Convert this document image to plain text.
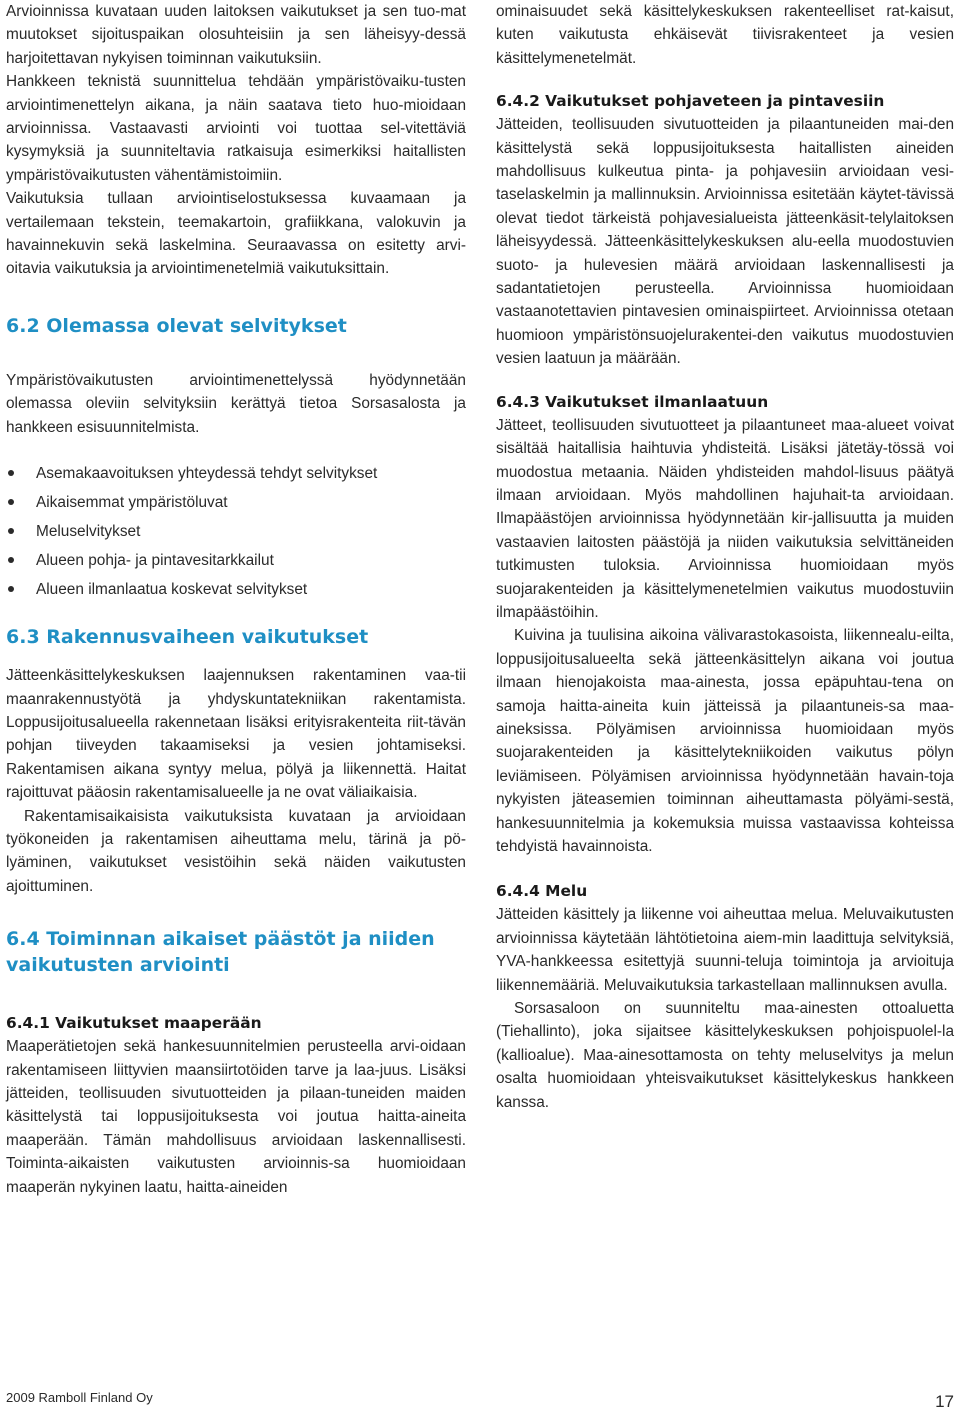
Arvioinnissa kuvataan uuden laitoksen vaikutukset ja sen tuo-mat muutokset sijoituspaikan olosuhteisiin ja sen läheisyy-dessä harjoitettavan nykyisen toiminnan vaikutuksiin.

Hankkeen teknistä suunnittelua tehdään ympäristövaiku-tusten arviointimenettelyn aikana, ja näin saatava tieto huo-mioidaan arvioinnissa. Vastaavasti arviointi voi tuottaa sel-vitettäviä kysymyksiä ja suunniteltavia ratkaisuja esimerkiksi haitallisten ympäristövaikutusten vähentämistoimiin.

Vaikutuksia tullaan arviointiselostuksessa kuvaamaan ja vertailemaan tekstein, teemakartoin, grafiikkana, valokuvin ja havainnekuvin sekä laskelmina. Seuraavassa on esitetty arvi-oitavia vaikutuksia ja arviointimenetelmiä vaikutuksittain.

6.2 Olemassa olevat selvitykset

Ympäristövaikutusten arviointimenettelyssä hyödynnetään olemassa oleviin selvityksiin kerättyä tietoa Sorsasalosta ja hankkeen esisuunnitelmista.

Asemakaavoituksen yhteydessä tehdyt selvitykset
Aikaisemmat ympäristöluvat
Meluselvitykset
Alueen pohja- ja pintavesitarkkailut
Alueen ilmanlaatua koskevat selvitykset
6.3 Rakennusvaiheen vaikutukset

Jätteenkäsittelykeskuksen laajennuksen rakentaminen vaa-tii maanrakennustyötä ja yhdyskuntatekniikan rakentamista. Loppusijoitusalueella rakennetaan lisäksi erityisrakenteita riit-tävän pohjan tiiveyden takaamiseksi ja vesien johtamiseksi. Rakentamisen aikana syntyy melua, pölyä ja liikennettä. Haitat rajoittuvat pääosin rakentamisalueelle ja ne ovat väliaikaisia.

Rakentamisaikaisista vaikutuksista kuvataan ja arvioidaan työkoneiden ja rakentamisen aiheuttama melu, tärinä ja pö-lyäminen, vaikutukset vesistöihin sekä näiden vaikutusten ajoittuminen.

6.4 Toiminnan aikaiset päästöt ja niiden
vaikutusten arviointi
6.4.1 Vaikutukset maaperään

Maaperätietojen sekä hankesuunnitelmien perusteella arvi-oidaan rakentamiseen liittyvien maansiirtotöiden tarve ja laa-juus. Lisäksi jätteiden, teollisuuden sivutuotteiden ja pilaan-tuneiden maiden käsittelystä tai loppusijoituksesta voi joutua haitta-aineita maaperään. Tämän mahdollisuus arvioidaan laskennallisesti. Toiminta-aikaisten vaikutusten arvioinnis-sa huomioidaan maaperän nykyinen laatu, haitta-aineiden

ominaisuudet sekä käsittelykeskuksen rakenteelliset rat-kaisut, kuten vaikutusta ehkäisevät tiivisrakenteet ja vesien käsittelymenetelmät.

6.4.2 Vaikutukset pohjaveteen ja pintavesiin

Jätteiden, teollisuuden sivutuotteiden ja pilaantuneiden mai-den käsittelystä sekä loppusijoituksesta haitallisten aineiden mahdollisuus kulkeutua pinta- ja pohjavesiin arvioidaan vesi-taselaskelmin ja mallinnuksin. Arvioinnissa esitetään käytet-tävissä olevat tiedot tärkeistä pohjavesialueista jätteenkäsit-telylaitoksen läheisyydessä. Jätteenkäsittelykeskuksen alu-eella muodostuvien suoto- ja hulevesien määrä arvioidaan laskennallisesti ja sadantatietojen perusteella. Arvioinnissa huomioidaan vastaanotettavien pintavesien ominaispiirteet. Arvioinnissa otetaan huomioon ympäristönsuojelurakentei-den vaikutus muodostuvien vesien laatuun ja määrään.

6.4.3 Vaikutukset ilmanlaatuun

Jätteet, teollisuuden sivutuotteet ja pilaantuneet maa-alueet voivat sisältää haitallisia haihtuvia yhdisteitä. Lisäksi jätetäy-tössä voi muodostua metaania. Näiden yhdisteiden mahdol-lisuus päätyä ilmaan arvioidaan. Myös mahdollinen hajuhait-ta arvioidaan. Ilmapäästöjen arvioinnissa hyödynnetään kir-jallisuutta ja muiden vastaavien laitosten päästöjä ja niiden vaikutuksia selvittäneiden tutkimusten tuloksia. Arvioinnissa huomioidaan myös suojarakenteiden ja käsittelymenetelmien vaikutus muodostuviin ilmapäästöihin.

Kuivina ja tuulisina aikoina välivarastokasoista, liikennealu-eilta, loppusijoitusalueelta sekä jätteenkäsittelyn aikana voi joutua ilmaan hienojakoista maa-ainesta, jossa epäpuhtau-tena on samoja haitta-aineita kuin jätteissä ja pilaantuneis-sa maa-aineksissa. Pölyämisen arvioinnissa huomioidaan myös suojarakenteiden ja käsittelytekniikoiden vaikutus pölyn leviämiseen. Pölyämisen arvioinnissa hyödynnetään havain-toja nykyisten jäteasemien toiminnan aiheuttamasta pölyämi-sestä, hankesuunnitelmia ja kokemuksia muissa vastaavissa kohteissa tehdyistä havainnoista.

6.4.4 Melu

Jätteiden käsittely ja liikenne voi aiheuttaa melua. Meluvaikutusten arvioinnissa käytetään lähtötietoina aiem-min laadittuja selvityksiä, YVA-hankkeessa esitettyjä suunni-teluja toimintoja ja arvioituja liikennemääriä. Meluvaikutuksia tarkastellaan mallinnuksen avulla.

Sorsasaloon on suunniteltu maa-ainesten ottoaluetta (Tiehallinto), joka sijaitsee käsittelykeskuksen pohjoispuolel-la (kallioalue). Maa-ainesottamosta on tehty meluselvitys ja melun osalta huomioidaan yhteisvaikutukset käsittelykeskus hankkeen kanssa.

2009 Ramboll Finland Oy	17
